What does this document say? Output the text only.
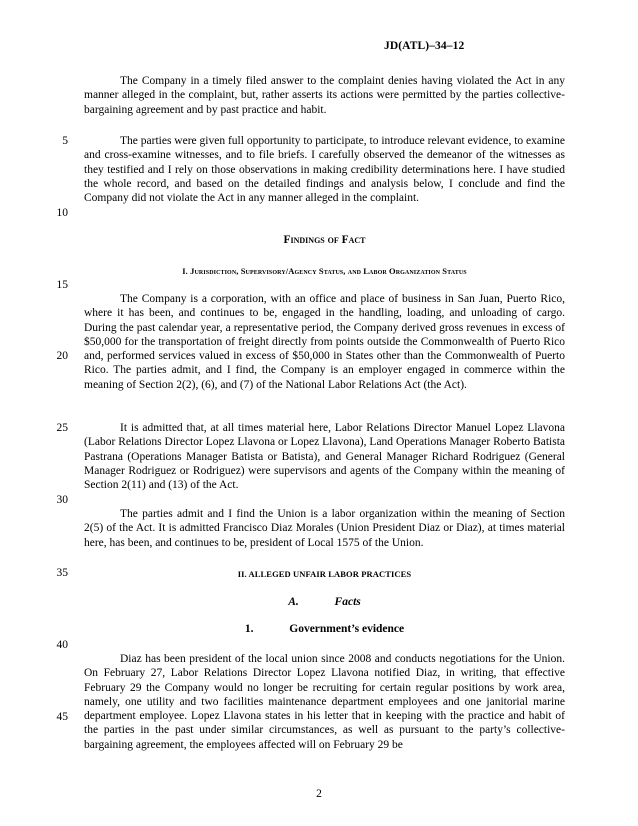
JD(ATL)–34–12
5
10
15
20
25
30
35
40
45

The Company in a timely filed answer to the complaint denies having violated the Act in any manner alleged in the complaint, but, rather asserts its actions were permitted by the parties collective-bargaining agreement and by past practice and habit.

The parties were given full opportunity to participate, to introduce relevant evidence, to examine and cross-examine witnesses, and to file briefs. I carefully observed the demeanor of the witnesses as they testified and I rely on those observations in making credibility determinations here. I have studied the whole record, and based on the detailed findings and analysis below, I conclude and find the Company did not violate the Act in any manner alleged in the complaint.

Findings of Fact
I. Jurisdiction, Supervisory/Agency Status, and Labor Organization Status

The Company is a corporation, with an office and place of business in San Juan, Puerto Rico, where it has been, and continues to be, engaged in the handling, loading, and unloading of cargo. During the past calendar year, a representative period, the Company derived gross revenues in excess of $50,000 for the transportation of freight directly from points outside the Commonwealth of Puerto Rico and, performed services valued in excess of $50,000 in States other than the Commonwealth of Puerto Rico. The parties admit, and I find, the Company is an employer engaged in commerce within the meaning of Section 2(2), (6), and (7) of the National Labor Relations Act (the Act).

It is admitted that, at all times material here, Labor Relations Director Manuel Lopez Llavona (Labor Relations Director Lopez Llavona or Lopez Llavona), Land Operations Manager Roberto Batista Pastrana (Operations Manager Batista or Batista), and General Manager Richard Rodriguez (General Manager Rodriguez or Rodriguez) were supervisors and agents of the Company within the meaning of Section 2(11) and (13) of the Act.

The parties admit and I find the Union is a labor organization within the meaning of Section 2(5) of the Act. It is admitted Francisco Diaz Morales (Union President Diaz or Diaz), at times material here, has been, and continues to be, president of Local 1575 of the Union.

II. ALLEGED UNFAIR LABOR PRACTICES
A.	Facts
1.	Government’s evidence

Diaz has been president of the local union since 2008 and conducts negotiations for the Union. On February 27, Labor Relations Director Lopez Llavona notified Diaz, in writing, that effective February 29 the Company would no longer be recruiting for certain regular positions by work area, namely, one utility and two facilities maintenance department employees and one janitorial marine department employee. Lopez Llavona states in his letter that in keeping with the practice and habit of the parties in the past under similar circumstances, as well as pursuant to the party’s collective-bargaining agreement, the employees affected will on February 29 be

2
